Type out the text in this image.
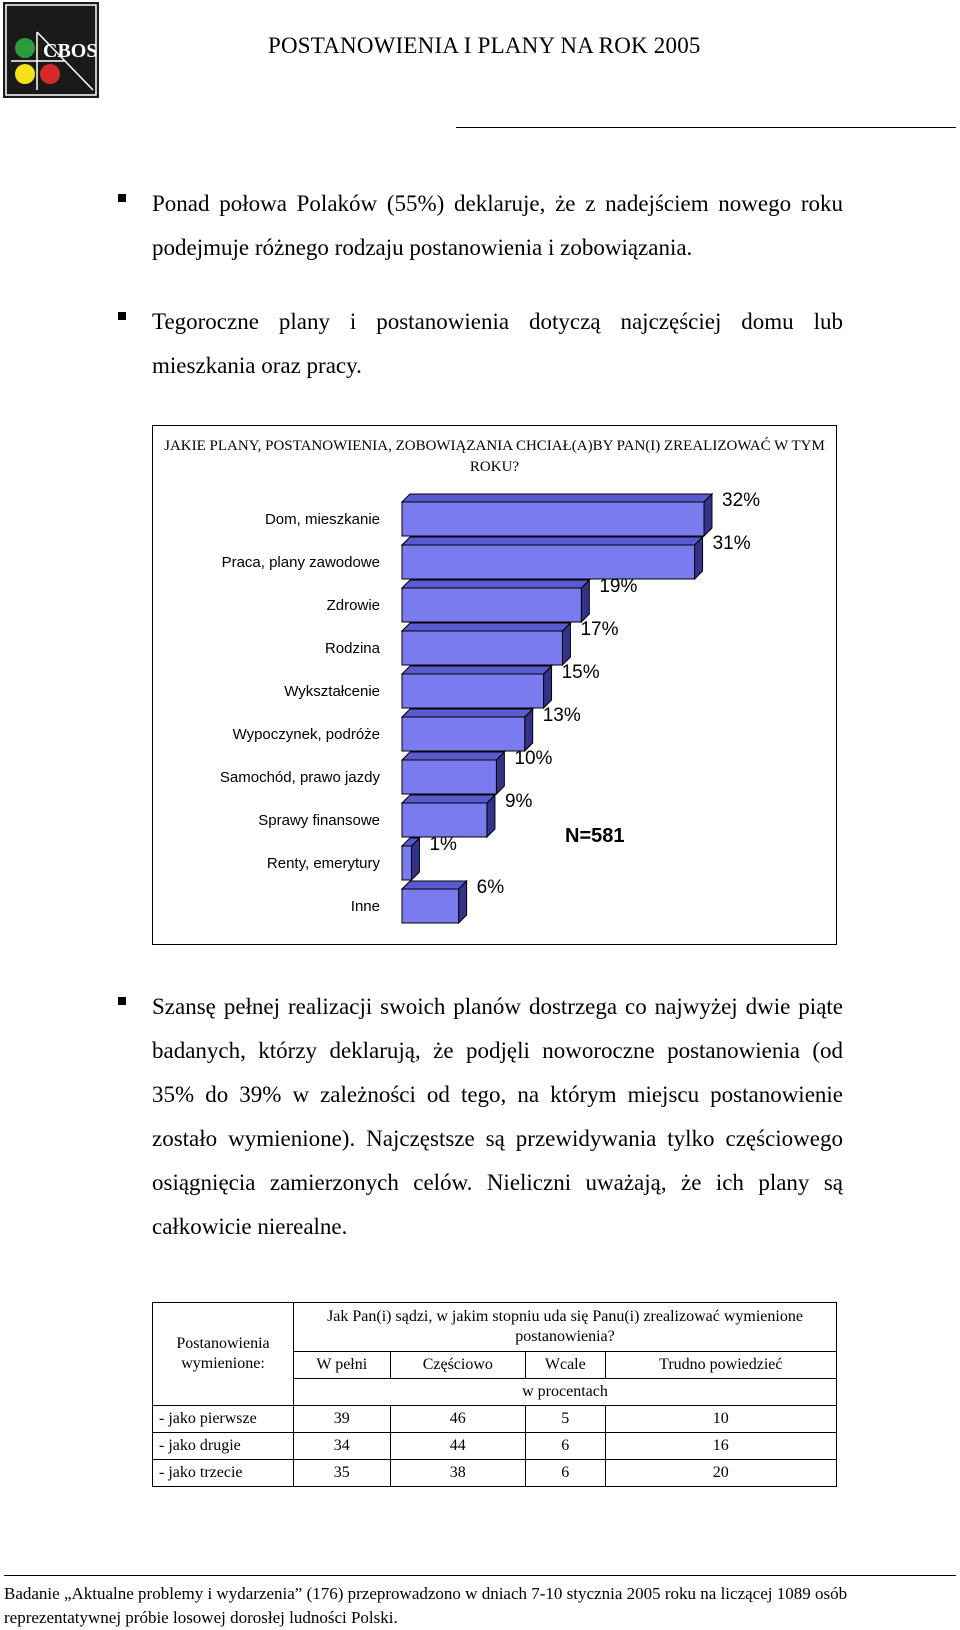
CBOS	POSTANOWIENIA I PLANY NA ROK 2005
Ponad połowa Polaków (55%) deklaruje, że z nadejściem nowego roku podejmuje różnego rodzaju postanowienia i zobowiązania.
Tegoroczne plany i postanowienia dotyczą najczęściej domu lub mieszkania oraz pracy.
JAKIE PLANY, POSTANOWIENIA, ZOBOWIĄZANIA CHCIAŁ(A)BY PAN(I) ZREALIZOWAĆ W TYM ROKU?
Dom, mieszkanie
32%
Praca, plany zawodowe
31%
Zdrowie
19%
Rodzina
17%
Wykształcenie
15%
Wypoczynek, podróże
13%
Samochód, prawo jazdy
10%
Sprawy finansowe
9%
Renty, emerytury
1%
Inne
6%
N=581
Szansę pełnej realizacji swoich planów dostrzega co najwyżej dwie piąte badanych, którzy deklarują, że podjęli noworoczne postanowienia (od 35% do 39% w zależności od tego, na którym miejscu postanowienie zostało wymienione). Najczęstsze są przewidywania tylko częściowego osiągnięcia zamierzonych celów. Nieliczni uważają, że ich plany są całkowicie nierealne.
Postanowienia wymienione:	Jak Pan(i) sądzi, w jakim stopniu uda się Panu(i) zrealizować wymienione postanowienia?			
	W pełni	Częściowo	Wcale	Trudno powiedzieć
	w procentach			
- jako pierwsze	39	46	5	10
- jako drugie	34	44	6	16
- jako trzecie	35	38	6	20
Badanie „Aktualne problemy i wydarzenia” (176) przeprowadzono w dniach 7-10 stycznia 2005 roku na liczącej 1089 osób reprezentatywnej próbie losowej dorosłej ludności Polski.
